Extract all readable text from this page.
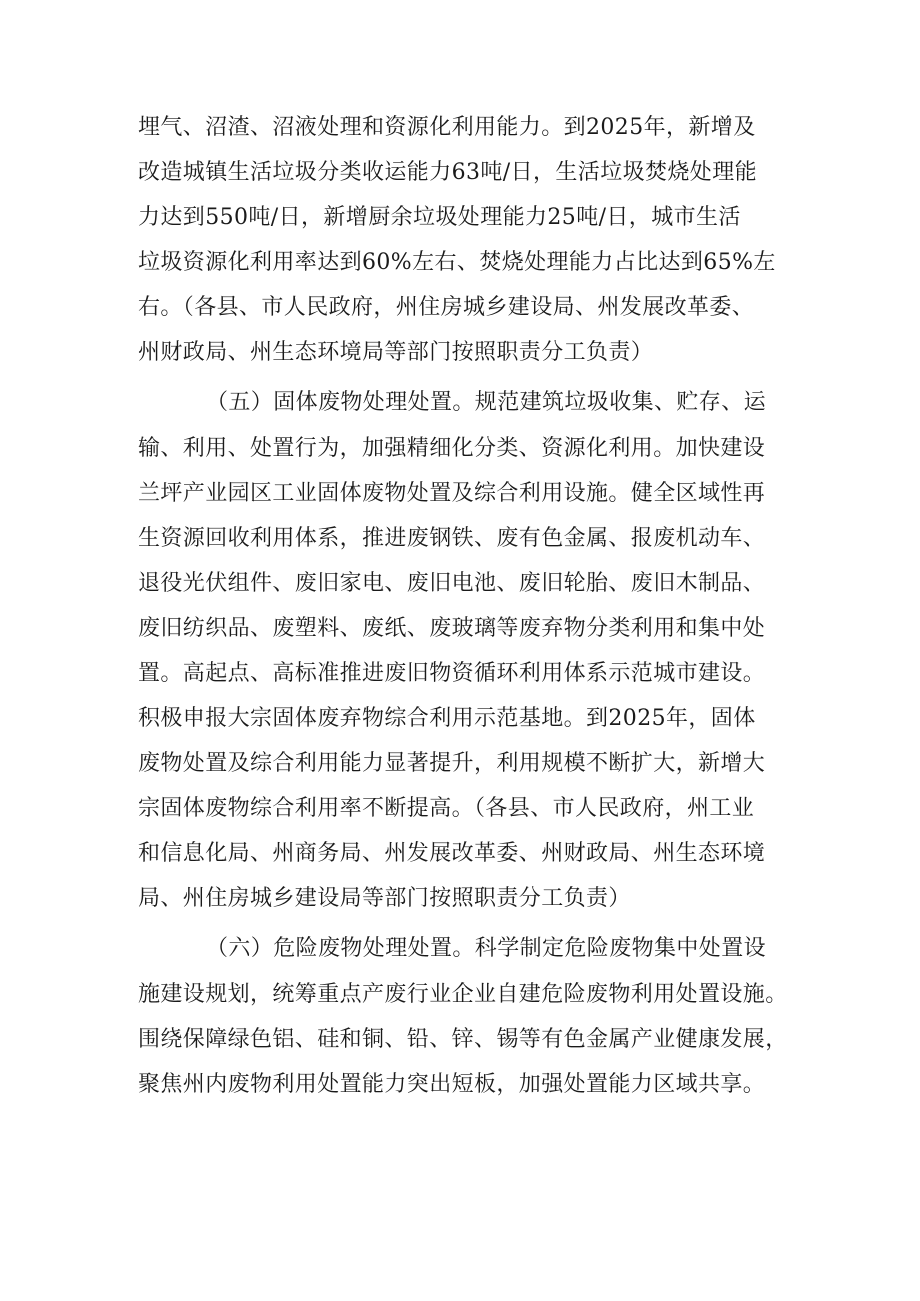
埋气、沼渣、沼液处理和资源化利用能力。到2025年，新增及
改造城镇生活垃圾分类收运能力63吨/日，生活垃圾焚烧处理能
力达到550吨/日，新增厨余垃圾处理能力25吨/日，城市生活
垃圾资源化利用率达到60%左右、焚烧处理能力占比达到65%左
右。（各县、市人民政府，州住房城乡建设局、州发展改革委、
州财政局、州生态环境局等部门按照职责分工负责）
（五）固体废物处理处置。规范建筑垃圾收集、贮存、运
输、利用、处置行为，加强精细化分类、资源化利用。加快建设
兰坪产业园区工业固体废物处置及综合利用设施。健全区域性再
生资源回收利用体系，推进废钢铁、废有色金属、报废机动车、
退役光伏组件、废旧家电、废旧电池、废旧轮胎、废旧木制品、
废旧纺织品、废塑料、废纸、废玻璃等废弃物分类利用和集中处
置。高起点、高标准推进废旧物资循环利用体系示范城市建设。
积极申报大宗固体废弃物综合利用示范基地。到2025年，固体
废物处置及综合利用能力显著提升，利用规模不断扩大，新增大
宗固体废物综合利用率不断提高。（各县、市人民政府，州工业
和信息化局、州商务局、州发展改革委、州财政局、州生态环境
局、州住房城乡建设局等部门按照职责分工负责）
（六）危险废物处理处置。科学制定危险废物集中处置设
施建设规划，统筹重点产废行业企业自建危险废物利用处置设施。
围绕保障绿色铝、硅和铜、铅、锌、锡等有色金属产业健康发展，
聚焦州内废物利用处置能力突出短板，加强处置能力区域共享。
